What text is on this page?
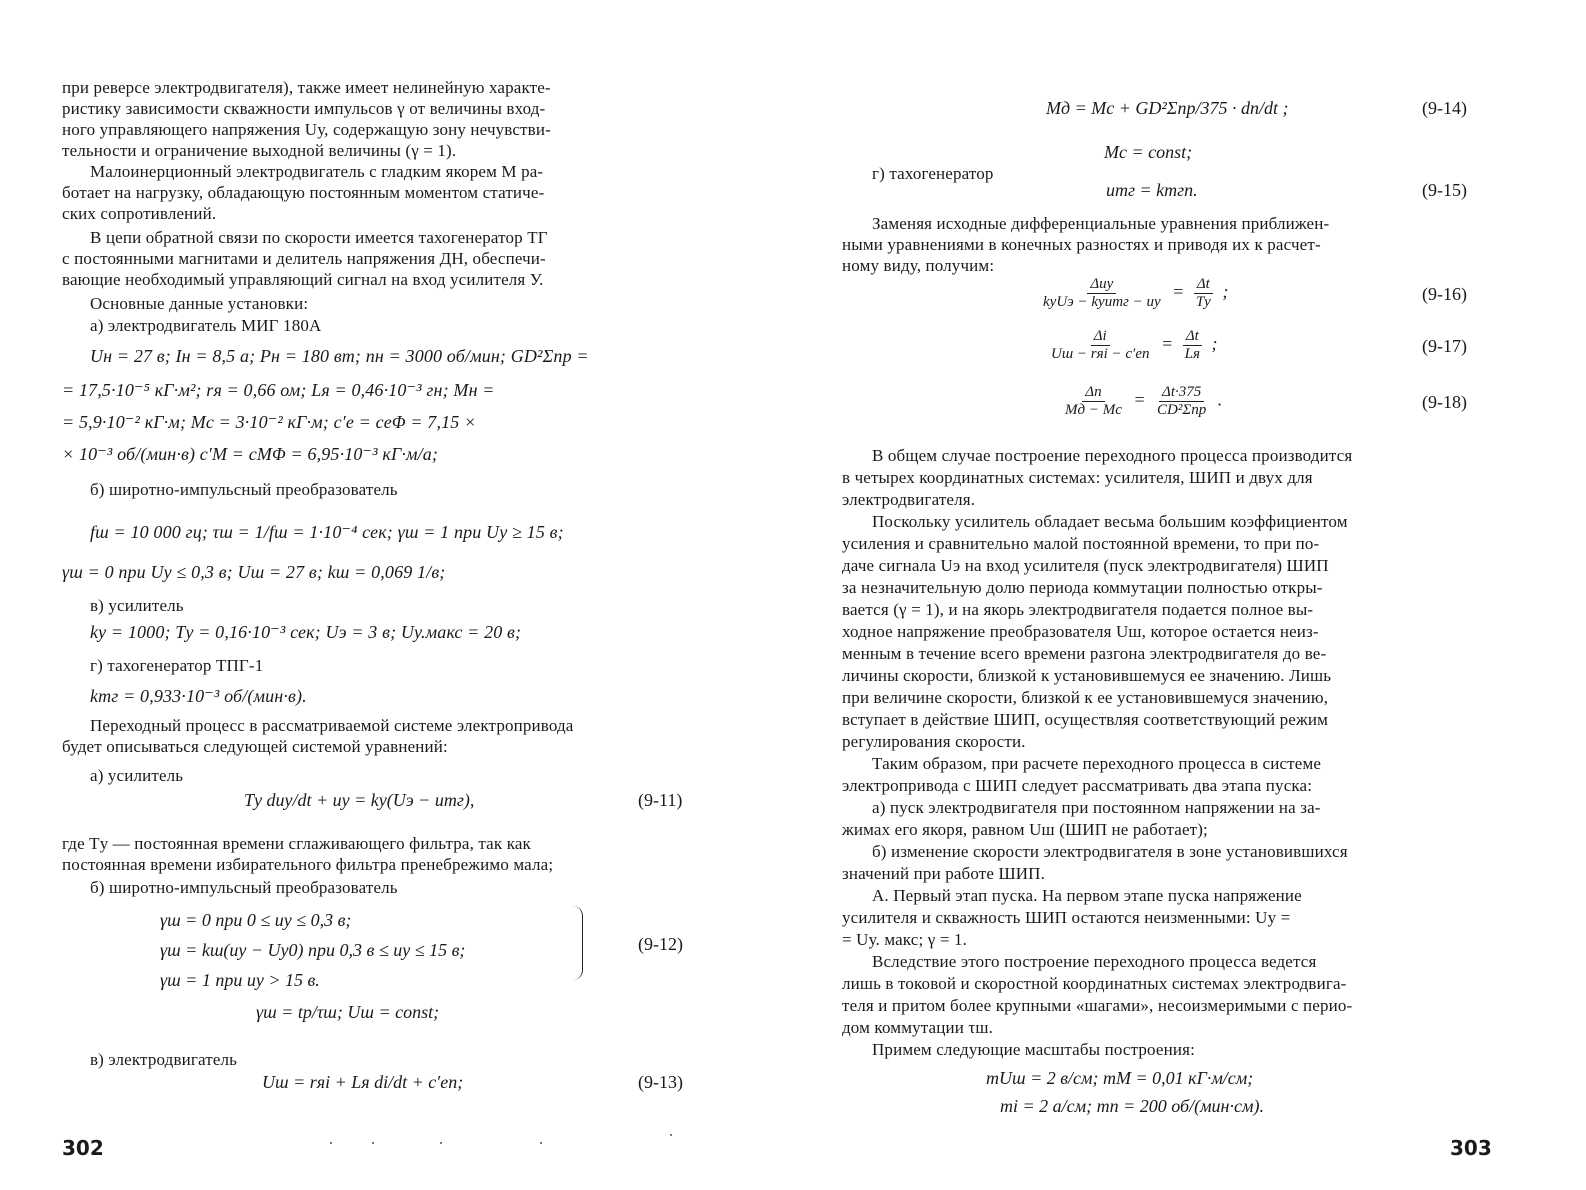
при реверсе электродвигателя), также имеет нелинейную характе-
ристику зависимости скважности импульсов γ от величины вход-
ного управляющего напряжения Uу, содержащую зону нечувстви-
тельности и ограничение выходной величины (γ = 1).
Малоинерционный электродвигатель с гладким якорем М ра-
ботает на нагрузку, обладающую постоянным моментом статиче-
ских сопротивлений.
В цепи обратной связи по скорости имеется тахогенератор ТГ
с постоянными магнитами и делитель напряжения ДН, обеспечи-
вающие необходимый управляющий сигнал на вход усилителя У.
Основные данные установки:
а) электродвигатель МИГ 180А
Uн = 27 в; Iн = 8,5 а; Pн = 180 вт; nн = 3000 об/мин; GD²Σпр =
= 17,5·10⁻⁵ кГ·м²; rя = 0,66 ом; Lя = 0,46·10⁻³ гн; Mн =
= 5,9·10⁻² кГ·м; Mс = 3·10⁻² кГ·м; c′e = ceΦ = 7,15 ×
× 10⁻³ об/(мин·в) c′M = cMΦ = 6,95·10⁻³ кГ·м/а;
б) широтно-импульсный преобразователь
fш = 10 000 гц; τш = 1/fш = 1·10⁻⁴ сек; γш = 1 при Uу ≥ 15 в;
γш = 0 при Uу ≤ 0,3 в; Uш = 27 в; kш = 0,069 1/в;
в) усилитель
kу = 1000; Tу = 0,16·10⁻³ сек; Uэ = 3 в; Uу.макс = 20 в;
г) тахогенератор ТПГ-1
kтг = 0,933·10⁻³ об/(мин·в).
Переходный процесс в рассматриваемой системе электропривода
будет описываться следующей системой уравнений:
а) усилитель
Tу duу/dt + uу = kу(Uэ − uтг),	(9-11)
где Tу — постоянная времени сглаживающего фильтра, так как
постоянная времени избирательного фильтра пренебрежимо мала;
б) широтно-импульсный преобразователь
γш = 0 при 0 ≤ uу ≤ 0,3 в;
γш = kш(uу − Uу0) при 0,3 в ≤ uу ≤ 15 в;
γш = 1 при uу > 15 в.
(9-12)
γш = tр/τш; Uш = const;
в) электродвигатель
Uш = rяi + Lя di/dt + c′en;	(9-13)
302
Mд = Mс + GD²Σпр/375 · dn/dt ;	(9-14)
Mс = const;
г) тахогенератор
uтг = kтгn.	(9-15)
Заменяя исходные дифференциальные уравнения приближен-
ными уравнениями в конечных разностях и приводя их к расчет-
ному виду, получим:
$\frac{\text{Δuу}}{\text{kуUэ − kуuтг − uу}} = \frac{\Delta t}{Tу}$ ;	(9-16)
$\frac{\Delta i}{\text{Uш − rяi − c′en}} = \frac{\Delta t}{Lя}$ ;	(9-17)
$\frac{\Delta n}{Mд - Mс} = \frac{\Delta t\cdot 375}{\text{CD²Σпр}}$ .	(9-18)
В общем случае построение переходного процесса производится
в четырех координатных системах: усилителя, ШИП и двух для
электродвигателя.
Поскольку усилитель обладает весьма большим коэффициентом
усиления и сравнительно малой постоянной времени, то при по-
даче сигнала Uэ на вход усилителя (пуск электродвигателя) ШИП
за незначительную долю периода коммутации полностью откры-
вается (γ = 1), и на якорь электродвигателя подается полное вы-
ходное напряжение преобразователя Uш, которое остается неиз-
менным в течение всего времени разгона электродвигателя до ве-
личины скорости, близкой к установившемуся ее значению. Лишь
при величине скорости, близкой к ее установившемуся значению,
вступает в действие ШИП, осуществляя соответствующий режим
регулирования скорости.
Таким образом, при расчете переходного процесса в системе
электропривода с ШИП следует рассматривать два этапа пуска:
а) пуск электродвигателя при постоянном напряжении на за-
жимах его якоря, равном Uш (ШИП не работает);
б) изменение скорости электродвигателя в зоне установившихся
значений при работе ШИП.
А. Первый этап пуска. На первом этапе пуска напряжение
усилителя и скважность ШИП остаются неизменными: Uу =
= Uу. макс; γ = 1.
Вследствие этого построение переходного процесса ведется
лишь в токовой и скоростной координатных системах электродвига-
теля и притом более крупными «шагами», несоизмеримыми с перио-
дом коммутации τш.
Примем следующие масштабы построения:
mUш = 2 в/см; mM = 0,01 кГ·м/см;
mi = 2 а/см; mn = 200 об/(мин·см).
303
